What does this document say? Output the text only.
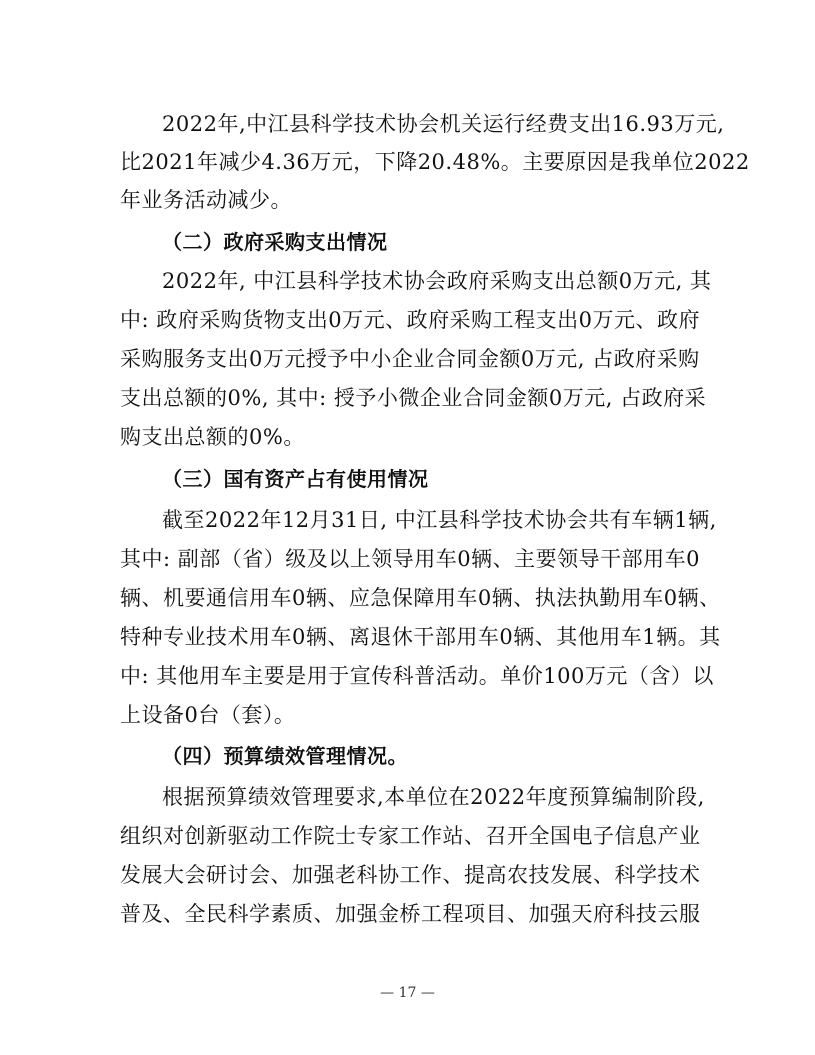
2022年,中江县科学技术协会机关运行经费支出16.93万元,
比2021年减少4.36万元，下降20.48%。主要原因是我单位2022
年业务活动减少。
（二）政府采购支出情况
2022年, 中江县科学技术协会政府采购支出总额0万元, 其
中: 政府采购货物支出0万元、政府采购工程支出0万元、政府
采购服务支出0万元授予中小企业合同金额0万元, 占政府采购
支出总额的0%, 其中: 授予小微企业合同金额0万元, 占政府采
购支出总额的0%。
（三）国有资产占有使用情况
截至2022年12月31日, 中江县科学技术协会共有车辆1辆,
其中: 副部（省）级及以上领导用车0辆、主要领导干部用车0
辆、机要通信用车0辆、应急保障用车0辆、执法执勤用车0辆、
特种专业技术用车0辆、离退休干部用车0辆、其他用车1辆。其
中: 其他用车主要是用于宣传科普活动。单价100万元（含）以
上设备0台（套）。
（四）预算绩效管理情况。
根据预算绩效管理要求,本单位在2022年度预算编制阶段,
组织对创新驱动工作院士专家工作站、召开全国电子信息产业
发展大会研讨会、加强老科协工作、提高农技发展、科学技术
普及、全民科学素质、加强金桥工程项目、加强天府科技云服
— 17 —
